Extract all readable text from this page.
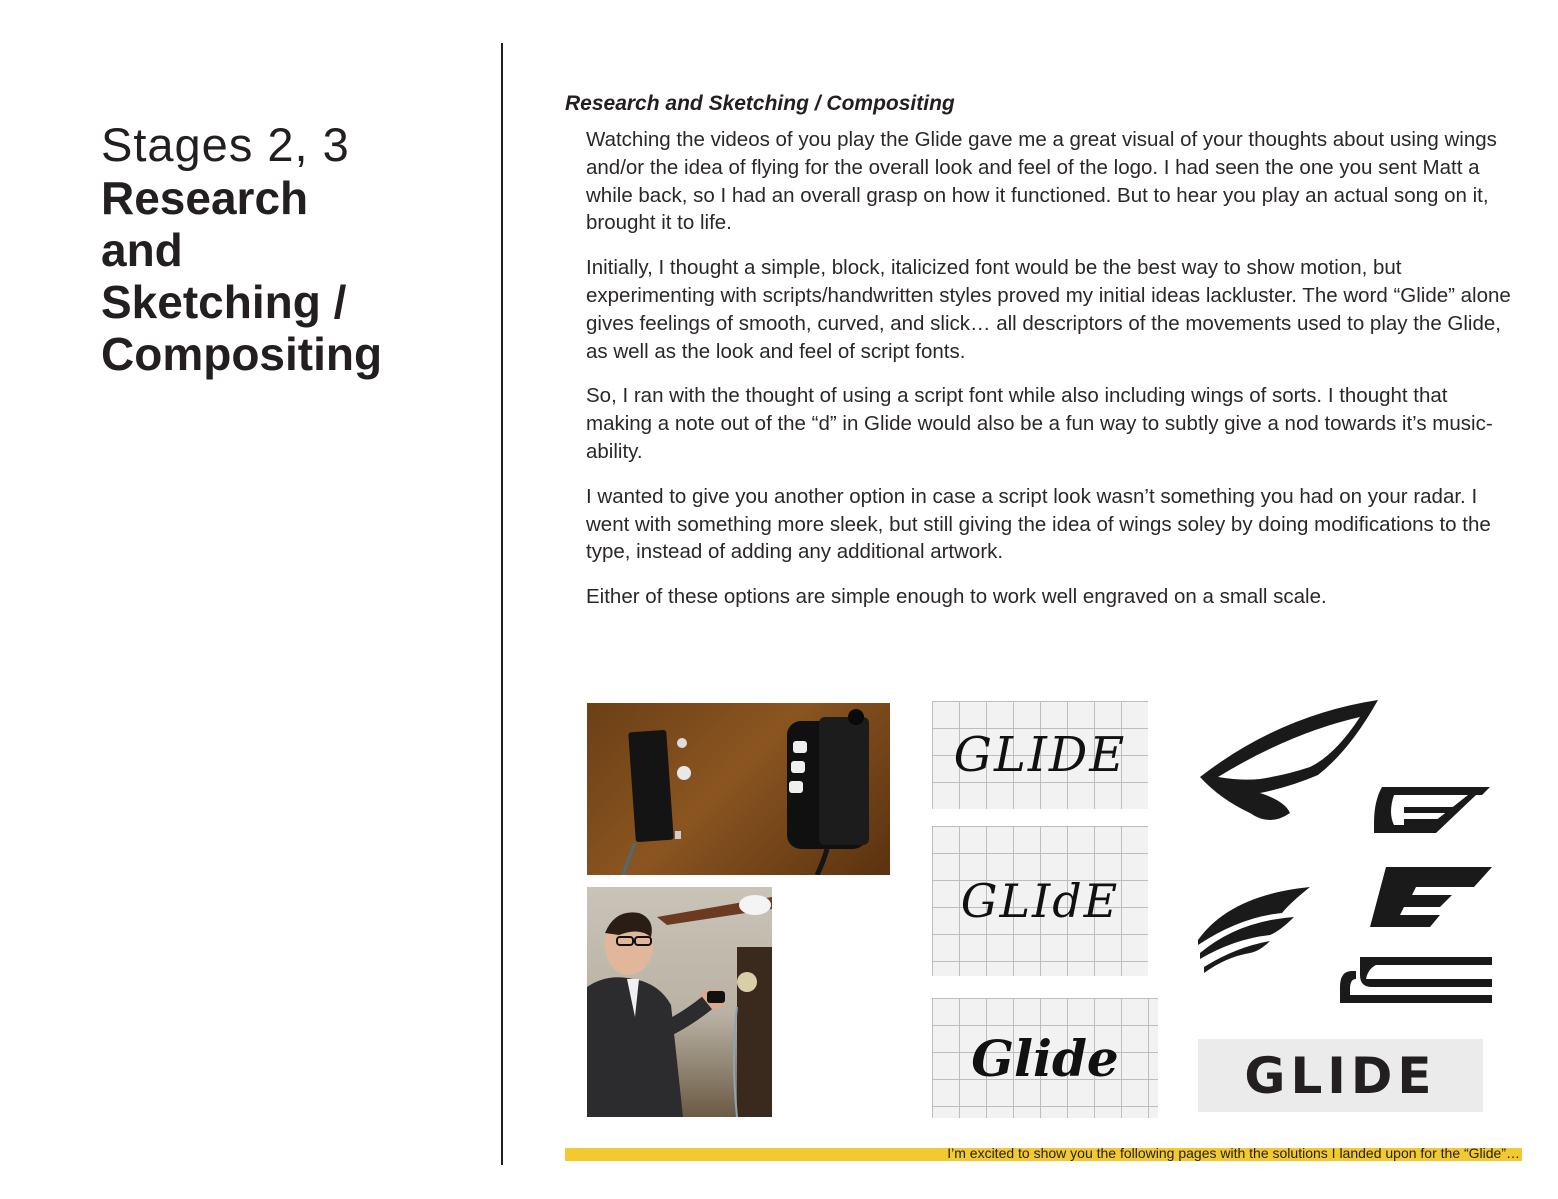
Stages 2, 3
Research
and
Sketching /
Compositing
Research and Sketching / Compositing

Watching the videos of you play the Glide gave me a great visual of your thoughts about using wings and/or the idea of flying for the overall look and feel of the logo. I had seen the one you sent Matt a while back, so I had an overall grasp on how it functioned. But to hear you play an actual song on it, brought it to life.

Initially, I thought a simple, block, italicized font would be the best way to show motion, but experimenting with scripts/handwritten styles proved my initial ideas lackluster. The word “Glide” alone gives feelings of smooth, curved, and slick… all descriptors of the movements used to play the Glide, as well as the look and feel of script fonts.

So, I ran with the thought of using a script font while also including wings of sorts. I thought that making a note out of the “d” in Glide would also be a fun way to subtly give a nod towards it’s music-ability.

I wanted to give you another option in case a script look wasn’t something you had on your radar. I went with something more sleek, but still giving the idea of wings soley by doing modifications to the type, instead of adding any additional artwork.

Either of these options are simple enough to work well engraved on a small scale.

GLIDE
GLIdE
Glide	GLIDE
I’m excited to show you the following pages with the solutions I landed upon for the “Glide”…
